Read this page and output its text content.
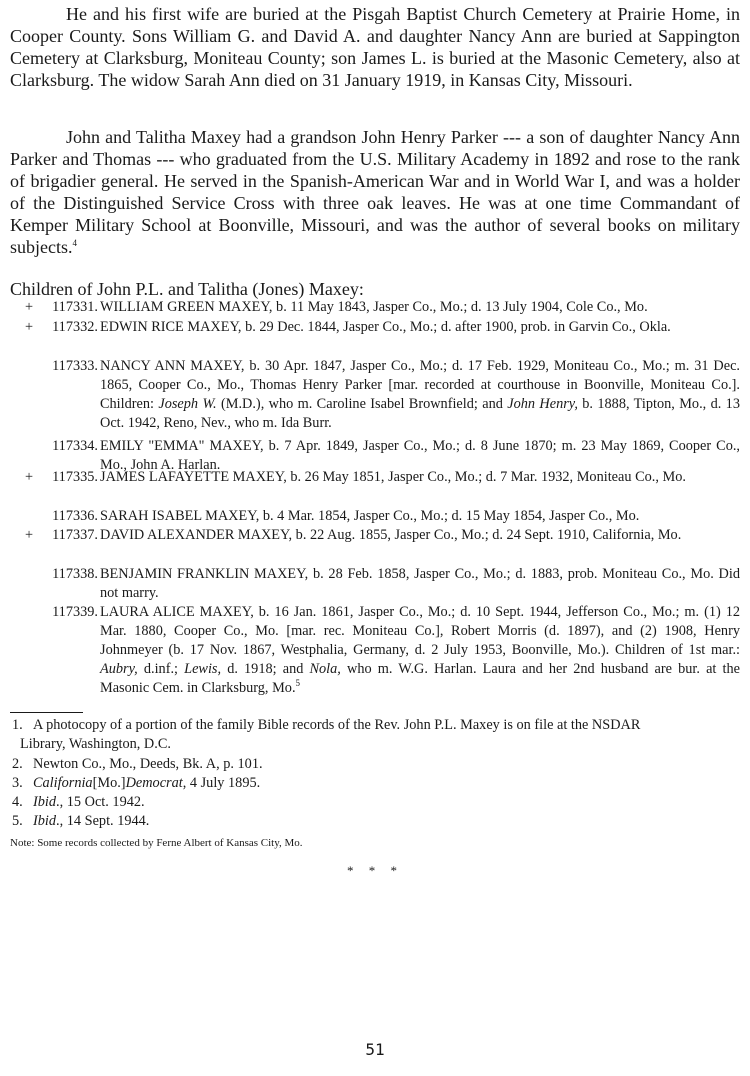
He and his first wife are buried at the Pisgah Baptist Church Cemetery at Prairie Home, in Cooper County. Sons William G. and David A. and daughter Nancy Ann are buried at Sappington Cemetery at Clarksburg, Moniteau County; son James L. is buried at the Masonic Cemetery, also at Clarksburg. The widow Sarah Ann died on 31 January 1919, in Kansas City, Missouri.

John and Talitha Maxey had a grandson John Henry Parker --- a son of daughter Nancy Ann Parker and Thomas --- who graduated from the U.S. Military Academy in 1892 and rose to the rank of brigadier general. He served in the Spanish-American War and in World War I, and was a holder of the Distinguished Service Cross with three oak leaves. He was at one time Commandant of Kemper Military School at Boonville, Missouri, and was the author of several books on military subjects.$^4$

Children of John P.L. and Talitha (Jones) Maxey:
+	117331. WILLIAM GREEN MAXEY, b. 11 May 1843, Jasper Co., Mo.; d. 13 July 1904, Cole Co., Mo.
+	117332. EDWIN RICE MAXEY, b. 29 Dec. 1844, Jasper Co., Mo.; d. after 1900, prob. in Garvin Co., Okla.
117333. NANCY ANN MAXEY, b. 30 Apr. 1847, Jasper Co., Mo.; d. 17 Feb. 1929, Moniteau Co., Mo.; m. 31 Dec. 1865, Cooper Co., Mo., Thomas Henry Parker [mar. recorded at courthouse in Boonville, Moniteau Co.]. Children: Joseph W. (M.D.), who m. Caroline Isabel Brownfield; and John Henry, b. 1888, Tipton, Mo., d. 13 Oct. 1942, Reno, Nev., who m. Ida Burr.
117334. EMILY "EMMA" MAXEY, b. 7 Apr. 1849, Jasper Co., Mo.; d. 8 June 1870; m. 23 May 1869, Cooper Co., Mo., John A. Harlan.
+	117335. JAMES LAFAYETTE MAXEY, b. 26 May 1851, Jasper Co., Mo.; d. 7 Mar. 1932, Moniteau Co., Mo.
117336. SARAH ISABEL MAXEY, b. 4 Mar. 1854, Jasper Co., Mo.; d. 15 May 1854, Jasper Co., Mo.
+	117337. DAVID ALEXANDER MAXEY, b. 22 Aug. 1855, Jasper Co., Mo.; d. 24 Sept. 1910, California, Mo.
117338. BENJAMIN FRANKLIN MAXEY, b. 28 Feb. 1858, Jasper Co., Mo.; d. 1883, prob. Moniteau Co., Mo. Did not marry.
117339. LAURA ALICE MAXEY, b. 16 Jan. 1861, Jasper Co., Mo.; d. 10 Sept. 1944, Jefferson Co., Mo.; m. (1) 12 Mar. 1880, Cooper Co., Mo. [mar. rec. Moniteau Co.], Robert Morris (d. 1897), and (2) 1908, Henry Johnmeyer (b. 17 Nov. 1867, Westphalia, Germany, d. 2 July 1953, Boonville, Mo.). Children of 1st mar.: Aubry, d.inf.; Lewis, d. 1918; and Nola, who m. W.G. Harlan. Laura and her 2nd husband are bur. at the Masonic Cem. in Clarksburg, Mo.$^5$
1. A photocopy of a portion of the family Bible records of the Rev. John P.L. Maxey is on file at the NSDAR
Library, Washington, D.C.
2. Newton Co., Mo., Deeds, Bk. A, p. 101.
3. California[Mo.]Democrat, 4 July 1895.
4. Ibid., 15 Oct. 1942.
5. Ibid., 14 Sept. 1944.
Note: Some records collected by Ferne Albert of Kansas City, Mo.
* * *
51
